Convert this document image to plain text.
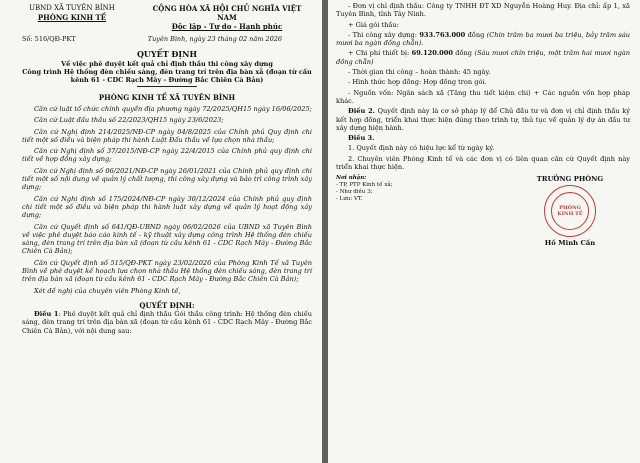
UBND XÃ TUYÊN BÌNH
PHÒNG KINH TẾ
CỘNG HÒA XÃ HỘI CHỦ NGHĨA VIỆT NAM
Độc lập - Tự do - Hạnh phúc
Số: 516/QĐ-PKT	Tuyên Bình, ngày 23 tháng 02 năm 2026
QUYẾT ĐỊNH
Về việc phê duyệt kết quả chỉ định thầu thi công xây dựng
Công trình Hệ thống đèn chiếu sáng, đèn trang trí trên địa bàn xã (đoạn từ cầu
kênh 61 - CDC Rạch Mây - Đường Bắc Chiên Cà Bản)
PHÒNG KINH TẾ XÃ TUYÊN BÌNH

Căn cứ luật tổ chức chính quyền địa phương ngày 72/2025/QH15 ngày 16/06/2025;

Căn cứ Luật đấu thầu số 22/2023/QH15 ngày 23/6/2023;

Căn cứ Nghị định 214/2025/NĐ-CP ngày 04/8/2025 của Chính phủ Quy định chi tiết một số điều và biện pháp thi hành Luật Đấu thầu về lựa chọn nhà thầu;

Căn cứ Nghị định số 37/2015/NĐ-CP ngày 22/4/2015 của Chính phủ quy định chi tiết về hợp đồng xây dựng;

Căn cứ Nghị định số 06/2021/NĐ-CP ngày 26/01/2021 của Chính phủ quy định chi tiết một số nội dung về quản lý chất lượng, thi công xây dựng và bảo trì công trình xây dựng;

Căn cứ Nghị định số 175/2024/NĐ-CP ngày 30/12/2024 của Chính phủ quy định chi tiết một số điều và biện pháp thi hành luật xây dựng về quản lý hoạt động xây dựng;

Căn cứ Quyết định số 641/QĐ-UBND ngày 06/02/2026 của UBND xã Tuyên Bình về việc phê duyệt báo cáo kinh tế - kỹ thuật xây dựng công trình Hệ thống đèn chiếu sáng, đèn trang trí trên địa bàn xã (đoạn từ cầu kênh 61 - CDC Rạch Mây - Đường Bắc Chiên Cà Bản);

Căn cứ Quyết định số 515/QĐ-PKT ngày 23/02/2026 của Phòng Kinh Tế xã Tuyên Bình về phê duyệt kế hoạch lựa chọn nhà thầu Hệ thống đèn chiếu sáng, đèn trang trí trên địa bàn xã (đoạn từ cầu kênh 61 - CDC Rạch Mây - Đường Bắc Chiên Cà Bản);

Xét đề nghị của chuyên viên Phòng Kinh tế,

QUYẾT ĐỊNH:

Điều 1: Phê duyệt kết quả chỉ định thầu Gói thầu công trình: Hệ thống đèn chiếu sáng, đèn trang trí trên địa bàn xã (đoạn từ cầu kênh 61 - CDC Rạch Mây - Đường Bắc Chiên Cà Bản), với nội dung sau:

- Đơn vị chỉ định thầu: Công ty TNHH ĐT XD Nguyễn Hoàng Huy. Địa chỉ: ấp 1, xã Tuyên Bình, tỉnh Tây Ninh.

+ Giá gói thầu:

- Thi công xây dựng: 933.763.000 đồng (Chín trăm ba mươi ba triệu, bảy trăm sáu mươi ba ngàn đồng chẵn).

+ Chi phí thiết bị: 69.120.000 đồng (Sáu mươi chín triệu, một trăm hai mươi ngàn đồng chẵn)

- Thời gian thi công – hoàn thành: 45 ngày.

- Hình thức hợp đồng: Hợp đồng trọn gói.

- Nguồn vốn: Ngân sách xã (Tăng thu tiết kiệm chi) + Các nguồn vốn hợp pháp khác.

Điều 2. Quyết định này là cơ sở pháp lý để Chủ đầu tư và đơn vị chỉ định thầu ký kết hợp đồng, triển khai thực hiện đúng theo trình tự, thủ tục về quản lý dự án đầu tư xây dựng hiện hành.

Điều 3.

1. Quyết định này có hiệu lực kể từ ngày ký.

2. Chuyên viên Phòng Kinh tế và các đơn vị có liên quan căn cứ Quyết định này triển khai thực hiện.

Nơi nhận:
- TP, PTP Kinh tế xã;
- Như điều 3;
- Lưu: VT.
TRƯỞNG PHÒNG
PHÒNG KINH TẾ
Hồ Minh Cần
